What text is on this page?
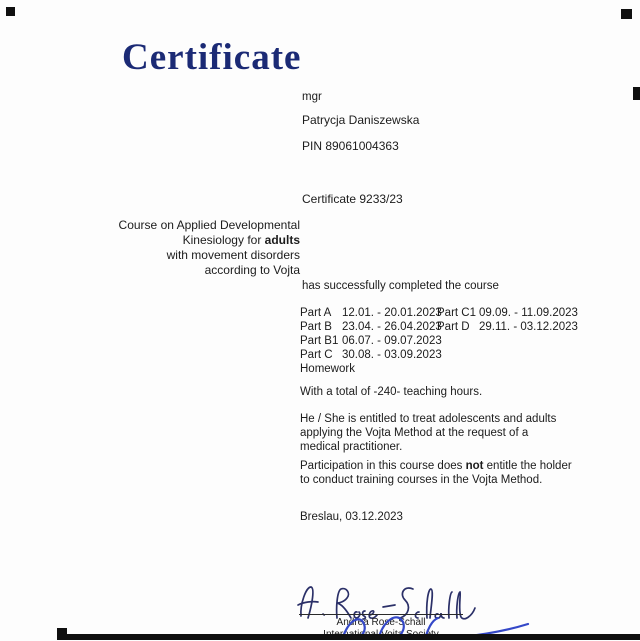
Certificate
mgr
Patrycja Daniszewska
PIN 89061004363
Certificate 9233/23
Course on Applied Developmental
Kinesiology for adults
with movement disorders
according to Vojta
has successfully completed the course
Part A 12.01. - 20.01.2023
Part B 23.04. - 26.04.2023
Part B1 06.07. - 09.07.2023
Part C 30.08. - 03.09.2023
Homework
Part C1 09.09. - 11.09.2023
Part D 29.11. - 03.12.2023
With a total of -240- teaching hours.
He / She is entitled to treat adolescents and adults
applying the Vojta Method at the request of a
medical practitioner.
Participation in this course does not entitle the holder
to conduct training courses in the Vojta Method.
Breslau, 03.12.2023
Andrea Rose-Schall
